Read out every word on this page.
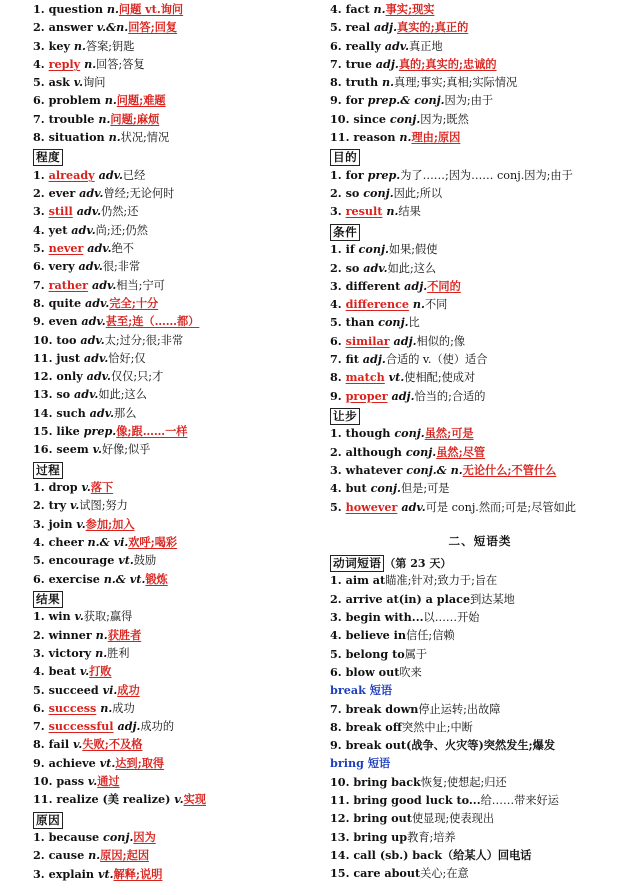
1. question n.问题 vt.询问
2. answer v.&n.回答;回复
3. key n.答案;钥匙
4. reply n.回答;答复
5. ask v.询问
6. problem n.问题;难题
7. trouble n.问题;麻烦
8. situation n.状况;情况
程度
1. already adv.已经
2. ever adv.曾经;无论何时
3. still adv.仍然;还
4. yet adv.尚;还;仍然
5. never adv.绝不
6. very adv.很;非常
7. rather adv.相当;宁可
8. quite adv.完全;十分
9. even adv.甚至;连（……都）
10. too adv.太;过分;很;非常
11. just adv.恰好;仅
12. only adv.仅仅;只;才
13. so adv.如此;这么
14. such adv.那么
15. like prep.像;跟……一样
16. seem v.好像;似乎
过程
1. drop v.落下
2. try v.试图;努力
3. join v.参加;加入
4. cheer n.& vi.欢呼;喝彩
5. encourage vt.鼓励
6. exercise n.& vt.锻炼
结果
1. win v.获取;赢得
2. winner n.获胜者
3. victory n.胜利
4. beat v.打败
5. succeed vi.成功
6. success n.成功
7. successful adj.成功的
8. fail v.失败;不及格
9. achieve vt.达到;取得
10. pass v.通过
11. realize (美 realize) v.实现
原因
1. because conj.因为
2. cause n.原因;起因
3. explain vt.解释;说明
4. fact n.事实;现实
5. real adj.真实的;真正的
6. really adv.真正地
7. true adj.真的;真实的;忠诚的
8. truth n.真理;事实;真相;实际情况
9. for prep.& conj.因为;由于
10. since conj.因为;既然
11. reason n.理由;原因
目的
1. for prep.为了……;因为…… conj.因为;由于
2. so conj.因此;所以
3. result n.结果
条件
1. if conj.如果;假使
2. so adv.如此;这么
3. different adj.不同的
4. difference n.不同
5. than conj.比
6. similar adj.相似的;像
7. fit adj.合适的 v.（使）适合
8. match vt.使相配;使成对
9. proper adj.恰当的;合适的
让步
1. though conj.虽然;可是
2. although conj.虽然;尽管
3. whatever conj.& n.无论什么;不管什么
4. but conj.但是;可是
5. however adv.可是 conj.然而;可是;尽管如此
二、短语类
动词短语 （第 23 天）
1. aim at瞄准;针对;致力于;旨在
2. arrive at(in) a place到达某地
3. begin with...以……开始
4. believe in信任;信赖
5. belong to属于
6. blow out吹来
break 短语
7. break down停止运转;出故障
8. break off突然中止;中断
9. break out(战争、火灾等)突然发生;爆发
bring 短语
10. bring back恢复;使想起;归还
11. bring good luck to...给……带来好运
12. bring out使显现;使表现出
13. bring up教育;培养
14. call (sb.) back（给某人）回电话
15. care about关心;在意
